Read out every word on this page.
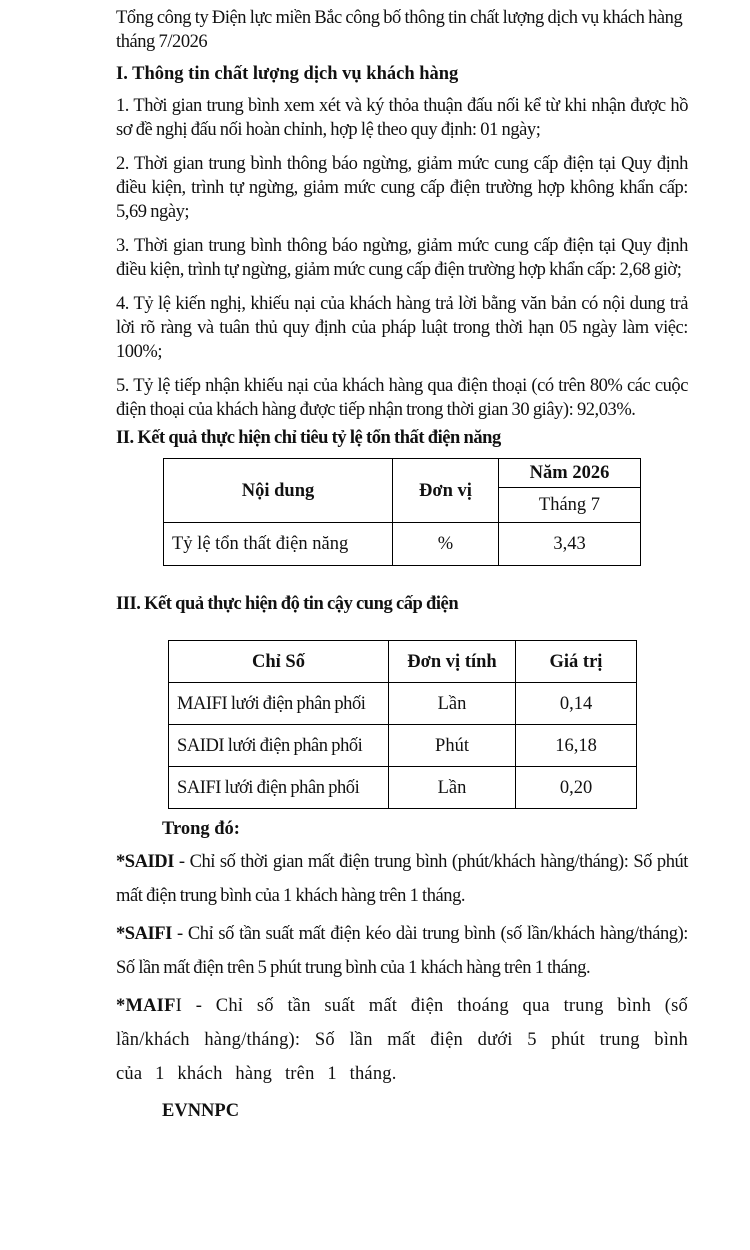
Tổng công ty Điện lực miền Bắc công bố thông tin chất lượng dịch vụ khách hàng tháng 7/2026

I. Thông tin chất lượng dịch vụ khách hàng

1. Thời gian trung bình xem xét và ký thỏa thuận đấu nối kể từ khi nhận được hồ sơ đề nghị đấu nối hoàn chỉnh, hợp lệ theo quy định: 01 ngày;

2. Thời gian trung bình thông báo ngừng, giảm mức cung cấp điện tại Quy định điều kiện, trình tự ngừng, giảm mức cung cấp điện trường hợp không khẩn cấp: 5,69 ngày;

3. Thời gian trung bình thông báo ngừng, giảm mức cung cấp điện tại Quy định điều kiện, trình tự ngừng, giảm mức cung cấp điện trường hợp khẩn cấp: 2,68 giờ;

4. Tỷ lệ kiến nghị, khiếu nại của khách hàng trả lời bằng văn bản có nội dung trả lời rõ ràng và tuân thủ quy định của pháp luật trong thời hạn 05 ngày làm việc: 100%;

5. Tỷ lệ tiếp nhận khiếu nại của khách hàng qua điện thoại (có trên 80% các cuộc điện thoại của khách hàng được tiếp nhận trong thời gian 30 giây): 92,03%.

II. Kết quả thực hiện chỉ tiêu tỷ lệ tổn thất điện năng
Nội dung	Đơn vị	Năm 2026
		Tháng 7
Tỷ lệ tổn thất điện năng	%	3,43
III. Kết quả thực hiện độ tin cậy cung cấp điện
Chỉ Số	Đơn vị tính	Giá trị
MAIFI lưới điện phân phối	Lần	0,14
SAIDI lưới điện phân phối	Phút	16,18
SAIFI lưới điện phân phối	Lần	0,20

Trong đó:

*SAIDI - Chỉ số thời gian mất điện trung bình (phút/khách hàng/tháng): Số phút mất điện trung bình của 1 khách hàng trên 1 tháng.

*SAIFI - Chỉ số tần suất mất điện kéo dài trung bình (số lần/khách hàng/tháng): Số lần mất điện trên 5 phút trung bình của 1 khách hàng trên 1 tháng.

*MAIFI - Chỉ số tần suất mất điện thoáng qua trung bình (số lần/khách hàng/tháng): Số lần mất điện dưới 5 phút trung bình của 1 khách hàng trên 1 tháng.

EVNNPC
